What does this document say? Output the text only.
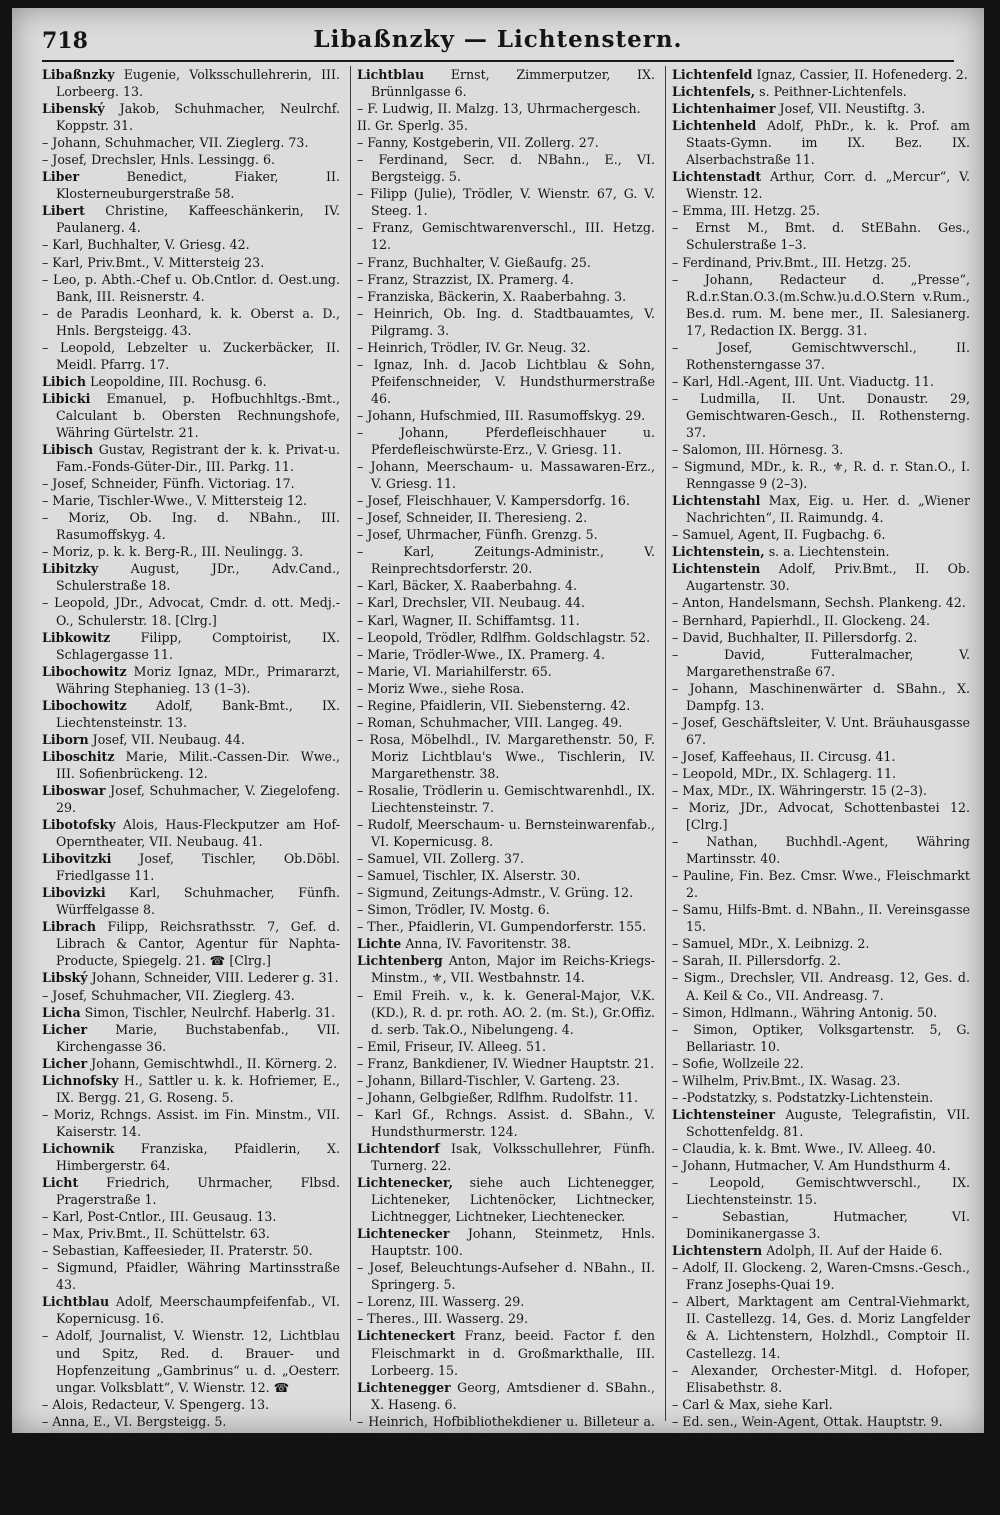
718	Libaßnzky — Lichtenstern.

Libaßnzky Eugenie, Volksschullehrerin, III. Lorbeerg. 13.

Libenský Jakob, Schuhmacher, Neulrchf. Koppstr. 31.

– Johann, Schuhmacher, VII. Zieglerg. 73.

– Josef, Drechsler, Hnls. Lessingg. 6.

Liber	Benedict, Fiaker, II. Klosterneuburgerstraße 58.

Libert Christine, Kaffeeschänkerin, IV. Paulanerg. 4.

– Karl, Buchhalter, V. Griesg. 42.

– Karl, Priv.Bmt., V. Mittersteig 23.

– Leo, p. Abth.-Chef u. Ob.Cntlor. d. Oest.ung. Bank, III. Reisnerstr. 4.

– de Paradis Leonhard, k. k. Oberst a. D., Hnls. Bergsteigg. 43.

– Leopold, Lebzelter u. Zuckerbäcker, II. Meidl. Pfarrg. 17.

Libich Leopoldine, III. Rochusg. 6.

Libicki Emanuel, p. Hofbuchhltgs.-Bmt., Calculant b. Obersten Rechnungshofe, Währing Gürtelstr. 21.

Libisch Gustav, Registrant der k. k. Privat-u. Fam.-Fonds-Güter-Dir., III. Parkg. 11.

– Josef, Schneider, Fünfh. Victoriag. 17.

– Marie, Tischler-Wwe., V. Mittersteig 12.

– Moriz, Ob. Ing. d. NBahn., III. Rasumoffskyg. 4.

– Moriz, p. k. k. Berg-R., III. Neulingg. 3.

Libitzky	August, JDr., Adv.Cand., Schulerstraße 18.

– Leopold, JDr., Advocat, Cmdr. d. ott. Medj.-O., Schulerstr. 18. [Clrg.]

Libkowitz Filipp, Comptoirist, IX. Schlagergasse 11.

Libochowitz Moriz Ignaz, MDr., Primararzt, Währing Stephanieg. 13 (1–3).

Libochowitz Adolf, Bank-Bmt., IX. Liechtensteinstr. 13.

Liborn Josef, VII. Neubaug. 44.

Liboschitz Marie, Milit.-Cassen-Dir. Wwe., III. Sofienbrückeng. 12.

Liboswar Josef, Schuhmacher, V. Ziegelofeng. 29.

Libotofsky Alois, Haus-Fleckputzer am Hof-Operntheater, VII. Neubaug. 41.

Libovitzki Josef, Tischler, Ob.Döbl. Friedlgasse 11.

Libovizki Karl, Schuhmacher, Fünfh. Würffelgasse 8.

Librach Filipp, Reichsrathsstr. 7, Gef. d. Librach & Cantor, Agentur für Naphta-Producte, Spiegelg. 21. ☎ [Clrg.]

Libský Johann, Schneider, VIII. Lederer g. 31.

– Josef, Schuhmacher, VII. Zieglerg. 43.

Licha Simon, Tischler, Neulrchf. Haberlg. 31.

Licher Marie, Buchstabenfab., VII. Kirchengasse 36.

Licher Johann, Gemischtwhdl., II. Körnerg. 2.

Lichnofsky H., Sattler u. k. k. Hofriemer, E., IX. Bergg. 21, G. Roseng. 5.

– Moriz, Rchngs. Assist. im Fin. Minstm., VII. Kaiserstr. 14.

Lichownik Franziska, Pfaidlerin, X. Himbergerstr. 64.

Licht Friedrich, Uhrmacher, Flbsd. Pragerstraße 1.

– Karl, Post-Cntlor., III. Geusaug. 13.

– Max, Priv.Bmt., II. Schüttelstr. 63.

– Sebastian, Kaffeesieder, II. Praterstr. 50.

– Sigmund, Pfaidler, Währing Martinsstraße 43.

Lichtblau Adolf, Meerschaumpfeifenfab., VI. Kopernicusg. 16.

– Adolf, Journalist, V. Wienstr. 12, Lichtblau und Spitz, Red. d. Brauer- und Hopfenzeitung „Gambrinus“ u. d. „Oesterr. ungar. Volksblatt“, V. Wienstr. 12. ☎

– Alois, Redacteur, V. Spengerg. 13.

– Anna, E., VI. Bergsteigg. 5.

– Anton, Hallentrödler, IX. Porzellang. 34, G. IX. Trödlerhalle Zelle 140 u. 141.

– Barbara, Penzing Pfarrg. 22.

– Eduard, Red. Diener des „Illustr. Wiener Extrablatt“, IX. Liechtensteinstr. 81.

Lichtblau Ernst, Zimmerputzer, IX. Brünnlgasse 6.

– F. Ludwig, II. Malzg. 13, Uhrmachergesch.

II. Gr. Sperlg. 35.

– Fanny, Kostgeberin, VII. Zollerg. 27.

– Ferdinand, Secr. d. NBahn., E., VI. Bergsteigg. 5.

– Filipp (Julie), Trödler, V. Wienstr. 67, G. V. Steeg. 1.

– Franz, Gemischtwarenverschl., III. Hetzg. 12.

– Franz, Buchhalter, V. Gießaufg. 25.

– Franz, Strazzist, IX. Pramerg. 4.

– Franziska, Bäckerin, X. Raaberbahng. 3.

– Heinrich, Ob. Ing. d. Stadtbauamtes, V. Pilgramg. 3.

– Heinrich, Trödler, IV. Gr. Neug. 32.

– Ignaz, Inh. d. Jacob Lichtblau & Sohn, Pfeifenschneider, V. Hundsthurmerstraße 46.

– Johann, Hufschmied, III. Rasumoffskyg. 29.

– Johann, Pferdefleischhauer u. Pferdefleischwürste-Erz., V. Griesg. 11.

– Johann, Meerschaum- u. Massawaren-Erz., V. Griesg. 11.

– Josef, Fleischhauer, V. Kampersdorfg. 16.

– Josef, Schneider, II. Theresieng. 2.

– Josef, Uhrmacher, Fünfh. Grenzg. 5.

– Karl, Zeitungs-Administr., V. Reinprechtsdorferstr. 20.

– Karl, Bäcker, X. Raaberbahng. 4.

– Karl, Drechsler, VII. Neubaug. 44.

– Karl, Wagner, II. Schiffamtsg. 11.

– Leopold, Trödler, Rdlfhm. Goldschlagstr. 52.

– Marie, Trödler-Wwe., IX. Pramerg. 4.

– Marie, VI. Mariahilferstr. 65.

– Moriz Wwe., siehe Rosa.

– Regine, Pfaidlerin, VII. Siebensterng. 42.

– Roman, Schuhmacher, VIII. Langeg. 49.

– Rosa, Möbelhdl., IV. Margarethenstr. 50, F. Moriz Lichtblau's Wwe., Tischlerin, IV. Margarethenstr. 38.

– Rosalie, Trödlerin u. Gemischtwarenhdl., IX. Liechtensteinstr. 7.

– Rudolf, Meerschaum- u. Bernsteinwarenfab., VI. Kopernicusg. 8.

– Samuel, VII. Zollerg. 37.

– Samuel, Tischler, IX. Alserstr. 30.

– Sigmund, Zeitungs-Admstr., V. Grüng. 12.

– Simon, Trödler, IV. Mostg. 6.

– Ther., Pfaidlerin, VI. Gumpendorferstr. 155.

Lichte Anna, IV. Favoritenstr. 38.

Lichtenberg Anton, Major im Reichs-Kriegs-Minstm., ⚜, VII. Westbahnstr. 14.

– Emil Freih. v., k. k. General-Major, V.K. (KD.), R. d. pr. roth. AO. 2. (m. St.), Gr.Offiz. d. serb. Tak.O., Nibelungeng. 4.

– Emil, Friseur, IV. Alleeg. 51.

– Franz, Bankdiener, IV. Wiedner Hauptstr. 21.

– Johann, Billard-Tischler, V. Garteng. 23.

– Johann, Gelbgießer, Rdlfhm. Rudolfstr. 11.

– Karl Gf., Rchngs. Assist. d. SBahn., V. Hundsthurmerstr. 124.

Lichtendorf Isak, Volksschullehrer, Fünfh. Turnerg. 22.

Lichtenecker, siehe auch Lichtenegger, Lichteneker, Lichtenöcker, Lichtnecker, Lichtnegger, Lichtneker, Liechtenecker.

Lichtenecker Johann, Steinmetz, Hnls. Hauptstr. 100.

– Josef, Beleuchtungs-Aufseher d. NBahn., II. Springerg. 5.

– Lorenz, III. Wasserg. 29.

– Theres., III. Wasserg. 29.

Lichteneckert Franz, beeid. Factor f. den Fleischmarkt in d. Großmarkthalle, III. Lorbeerg. 15.

Lichtenegger Georg, Amtsdiener d. SBahn., X. Haseng. 6.

– Heinrich, Hofbibliothekdiener u. Billeteur a. d. Hofoper, VII. Neustiftg. 19.

– Johann, k. k. Rathsthürhüter, Billeteur a. d. Hofoper, ⊙, ⚜, ⊙, IX. Porzellang. 54.

Lichteneker Karl, Buchbinder, Hnls. Ottakringerstr. 11.

Lichtenfeld Ignaz, Cassier, II. Hofenederg. 2.

Lichtenfels, s. Peithner-Lichtenfels.

Lichtenhaimer Josef, VII. Neustiftg. 3.

Lichtenheld Adolf, PhDr., k. k. Prof. am Staats-Gymn. im IX. Bez. IX. Alserbachstraße 11.

Lichtenstadt Arthur, Corr. d. „Mercur“, V. Wienstr. 12.

– Emma, III. Hetzg. 25.

– Ernst M., Bmt. d. StEBahn. Ges., Schulerstraße 1–3.

– Ferdinand, Priv.Bmt., III. Hetzg. 25.

– Johann, Redacteur d. „Presse“, R.d.r.Stan.O.3.(m.Schw.)u.d.O.Stern v.Rum., Bes.d. rum. M. bene mer., II. Salesianerg. 17, Redaction IX. Bergg. 31.

– Josef, Gemischtwverschl., II. Rothensterngasse 37.

– Karl, Hdl.-Agent, III. Unt. Viaductg. 11.

– Ludmilla, II. Unt. Donaustr. 29, Gemischtwaren-Gesch., II. Rothensterng. 37.

– Salomon, III. Hörnesg. 3.

– Sigmund, MDr., k. R., ⚜, R. d. r. Stan.O., I. Renngasse 9 (2–3).

Lichtenstahl Max, Eig. u. Her. d. „Wiener Nachrichten“, II. Raimundg. 4.

– Samuel, Agent, II. Fugbachg. 6.

Lichtenstein, s. a. Liechtenstein.

Lichtenstein Adolf, Priv.Bmt., II. Ob. Augartenstr. 30.

– Anton, Handelsmann, Sechsh. Plankeng. 42.

– Bernhard, Papierhdl., II. Glockeng. 24.

– David, Buchhalter, II. Pillersdorfg. 2.

– David, Futteralmacher, V. Margarethenstraße 67.

– Johann, Maschinenwärter d. SBahn., X. Dampfg. 13.

– Josef, Geschäftsleiter, V. Unt. Bräuhausgasse 67.

– Josef, Kaffeehaus, II. Circusg. 41.

– Leopold, MDr., IX. Schlagerg. 11.

– Max, MDr., IX. Währingerstr. 15 (2–3).

– Moriz, JDr., Advocat, Schottenbastei 12. [Clrg.]

– Nathan, Buchhdl.-Agent, Währing Martinsstr. 40.

– Pauline, Fin. Bez. Cmsr. Wwe., Fleischmarkt 2.

– Samu, Hilfs-Bmt. d. NBahn., II. Vereinsgasse 15.

– Samuel, MDr., X. Leibnizg. 2.

– Sarah, II. Pillersdorfg. 2.

– Sigm., Drechsler, VII. Andreasg. 12, Ges. d. A. Keil & Co., VII. Andreasg. 7.

– Simon, Hdlmann., Währing Antonig. 50.

– Simon, Optiker, Volksgartenstr. 5, G. Bellariastr. 10.

– Sofie, Wollzeile 22.

– Wilhelm, Priv.Bmt., IX. Wasag. 23.

– -Podstatzky, s. Podstatzky-Lichtenstein.

Lichtensteiner Auguste, Telegrafistin, VII. Schottenfeldg. 81.

– Claudia, k. k. Bmt. Wwe., IV. Alleeg. 40.

– Johann, Hutmacher, V. Am Hundsthurm 4.

– Leopold, Gemischtwverschl., IX. Liechtensteinstr. 15.

– Sebastian, Hutmacher, VI. Dominikanergasse 3.

Lichtenstern Adolph, II. Auf der Haide 6.

– Adolf, II. Glockeng. 2, Waren-Cmsns.-Gesch., Franz Josephs-Quai 19.

– Albert, Marktagent am Central-Viehmarkt, II. Castellezg. 14, Ges. d. Moriz Langfelder & A. Lichtenstern, Holzhdl., Comptoir II. Castellezg. 14.

– Alexander, Orchester-Mitgl. d. Hofoper, Elisabethstr. 8.

– Carl & Max, siehe Karl.

– Ed. sen., Wein-Agent, Ottak. Hauptstr. 9.

– Edmund, Fotografisch. Artikel, Giselastr. 4.

– Emanuel, Fiaker, V. Johannag. 4a.

– Ernst, Buchhalter, IV. Belvederег. 27.

– Gebrüder, Manufacturwaren- u. Teppich-Niederlage, Wipplingerstr. 8. [Clrg.]
